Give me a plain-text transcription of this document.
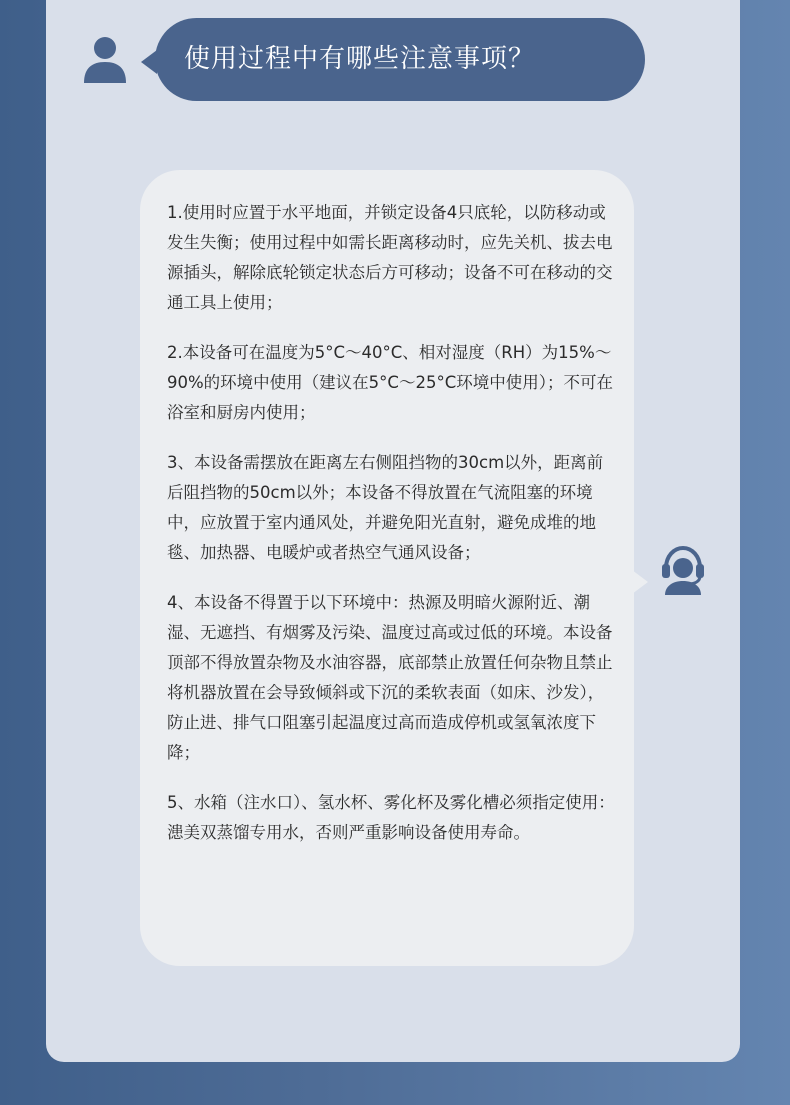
使用过程中有哪些注意事项？

1.使用时应置于水平地面，并锁定设备4只底轮，以防移动或发生失衡；使用过程中如需长距离移动时，应先关机、拔去电源插头，解除底轮锁定状态后方可移动；设备不可在移动的交通工具上使用；

2.本设备可在温度为5°C～40°C、相对湿度（RH）为15%～90%的环境中使用（建议在5°C～25°C环境中使用）；不可在浴室和厨房内使用；

3、本设备需摆放在距离左右侧阻挡物的30cm以外，距离前后阻挡物的50cm以外；本设备不得放置在气流阻塞的环境中，应放置于室内通风处，并避免阳光直射，避免成堆的地毯、加热器、电暖炉或者热空气通风设备；

4、本设备不得置于以下环境中：热源及明暗火源附近、潮湿、无遮挡、有烟雾及污染、温度过高或过低的环境。本设备顶部不得放置杂物及水油容器，底部禁止放置任何杂物且禁止将机器放置在会导致倾斜或下沉的柔软表面（如床、沙发），防止进、排气口阻塞引起温度过高而造成停机或氢氧浓度下降；

5、水箱（注水口）、氢水杯、雾化杯及雾化槽必须指定使用：漶美双蒸馏专用水，否则严重影响设备使用寿命。
